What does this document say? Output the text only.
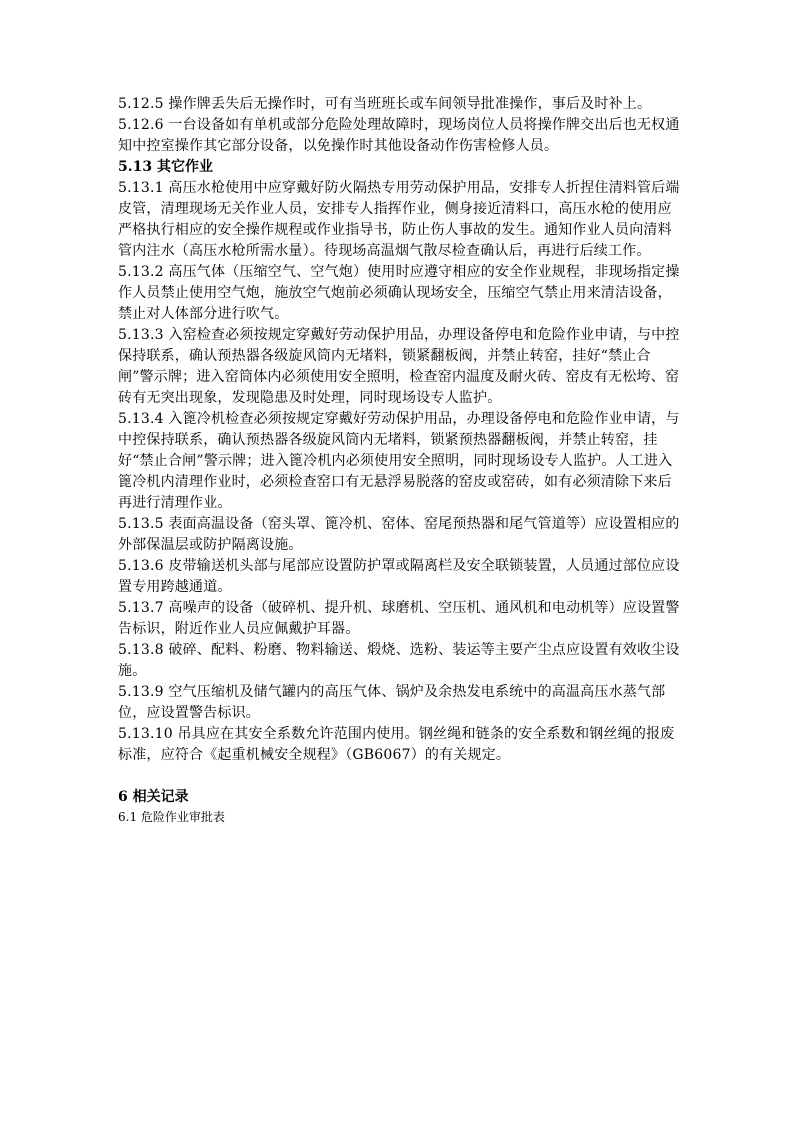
5.12.5 操作牌丢失后无操作时，可有当班班长或车间领导批准操作，事后及时补上。

5.12.6 一台设备如有单机或部分危险处理故障时，现场岗位人员将操作牌交出后也无权通知中控室操作其它部分设备，以免操作时其他设备动作伤害检修人员。

5.13 其它作业

5.13.1 高压水枪使用中应穿戴好防火隔热专用劳动保护用品，安排专人折捏住清料管后端皮管，清理现场无关作业人员，安排专人指挥作业，侧身接近清料口，高压水枪的使用应严格执行相应的安全操作规程或作业指导书，防止伤人事故的发生。通知作业人员向清料管内注水（高压水枪所需水量）。待现场高温烟气散尽检查确认后，再进行后续工作。

5.13.2 高压气体（压缩空气、空气炮）使用时应遵守相应的安全作业规程，非现场指定操作人员禁止使用空气炮，施放空气炮前必须确认现场安全，压缩空气禁止用来清洁设备，禁止对人体部分进行吹气。

5.13.3 入窑检查必须按规定穿戴好劳动保护用品，办理设备停电和危险作业申请，与中控保持联系，确认预热器各级旋风筒内无堵料，锁紧翻板阀，并禁止转窑，挂好“禁止合闸”警示牌；进入窑筒体内必须使用安全照明，检查窑内温度及耐火砖、窑皮有无松垮、窑砖有无突出现象，发现隐患及时处理，同时现场设专人监护。

5.13.4 入篦冷机检查必须按规定穿戴好劳动保护用品，办理设备停电和危险作业申请，与中控保持联系，确认预热器各级旋风筒内无堵料，锁紧预热器翻板阀，并禁止转窑，挂好“禁止合闸”警示牌；进入篦冷机内必须使用安全照明，同时现场设专人监护。人工进入篦冷机内清理作业时，必须检查窑口有无悬浮易脱落的窑皮或窑砖，如有必须清除下来后再进行清理作业。

5.13.5 表面高温设备（窑头罩、篦冷机、窑体、窑尾预热器和尾气管道等）应设置相应的外部保温层或防护隔离设施。

5.13.6 皮带输送机头部与尾部应设置防护罩或隔离栏及安全联锁装置，人员通过部位应设置专用跨越通道。

5.13.7 高噪声的设备（破碎机、提升机、球磨机、空压机、通风机和电动机等）应设置警告标识，附近作业人员应佩戴护耳器。

5.13.8 破碎、配料、粉磨、物料输送、煅烧、选粉、装运等主要产尘点应设置有效收尘设施。

5.13.9 空气压缩机及储气罐内的高压气体、锅炉及余热发电系统中的高温高压水蒸气部位，应设置警告标识。

5.13.10 吊具应在其安全系数允许范围内使用。钢丝绳和链条的安全系数和钢丝绳的报废标准，应符合《起重机械安全规程》（GB6067）的有关规定。

6 相关记录

6.1 危险作业审批表
